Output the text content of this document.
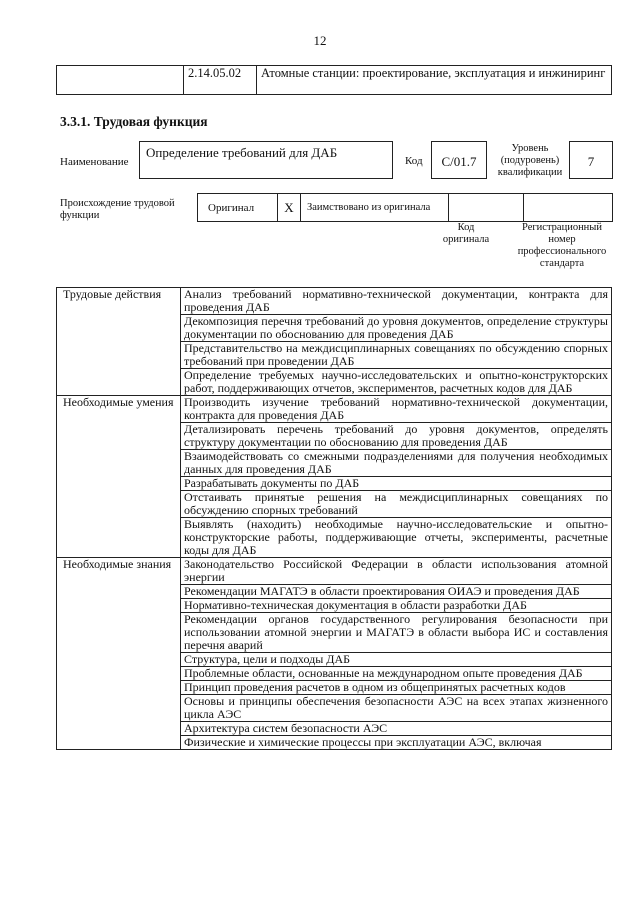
12
	2.14.05.02	Атомные станции: проектирование, эксплуатация и инжиниринг
3.3.1. Трудовая функция
Наименование
Определение требований для ДАБ
Код	С/01.7
Уровень (подуровень) квалификации
7
Происхождение трудовой функции
Оригинал	X	Заимствовано из оригинала		
Код оригинала
Регистрационный номер профессионального стандарта
Трудовые действия	Анализ требований нормативно-технической документации, контракта для проведения ДАБ
	Декомпозиция перечня требований до уровня документов, определение структуры документации по обоснованию для проведения ДАБ
	Представительство на междисциплинарных совещаниях по обсуждению спорных требований при проведении ДАБ
	Определение требуемых научно-исследовательских и опытно-конструкторских работ, поддерживающих отчетов, экспериментов, расчетных кодов для ДАБ
Необходимые умения	Производить изучение требований нормативно-технической документации, контракта для проведения ДАБ
	Детализировать перечень требований до уровня документов, определять структуру документации по обоснованию для проведения ДАБ
	Взаимодействовать со смежными подразделениями для получения необходимых данных для проведения ДАБ
	Разрабатывать документы по ДАБ
	Отстаивать принятые решения на междисциплинарных совещаниях по обсуждению спорных требований
	Выявлять (находить) необходимые научно-исследовательские и опытно-конструкторские работы, поддерживающие отчеты, эксперименты, расчетные коды для ДАБ
Необходимые знания	Законодательство Российской Федерации в области использования атомной энергии
	Рекомендации МАГАТЭ в области проектирования ОИАЭ и проведения ДАБ
	Нормативно-техническая документация в области разработки ДАБ
	Рекомендации органов государственного регулирования безопасности при использовании атомной энергии и МАГАТЭ в области выбора ИС и составления перечня аварий
	Структура, цели и подходы ДАБ
	Проблемные области, основанные на международном опыте проведения ДАБ
	Принцип проведения расчетов в одном из общепринятых расчетных кодов
	Основы и принципы обеспечения безопасности АЭС на всех этапах жизненного цикла АЭС
	Архитектура систем безопасности АЭС
	Физические и химические процессы при эксплуатации АЭС, включая
